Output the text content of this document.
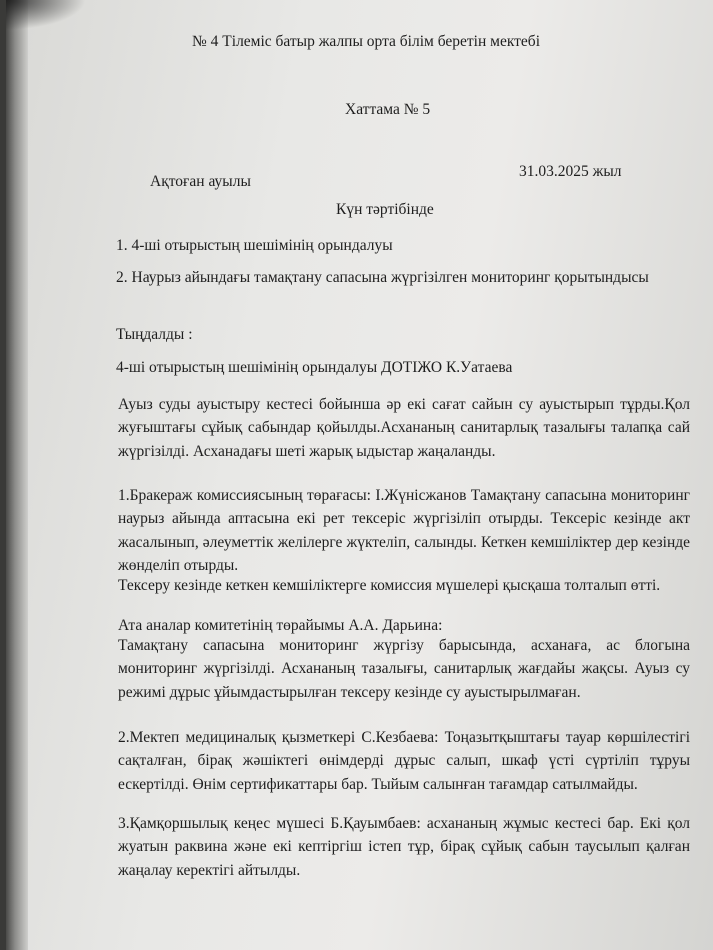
№ 4 Тілеміс батыр жалпы орта білім беретін мектебі
Хаттама № 5
Ақтоған ауылы
31.03.2025 жыл
Күн тәртібінде
1. 4-ші отырыстың шешімінің орындалуы
2. Наурыз айындағы тамақтану сапасына жүргізілген мониторинг қорытындысы
Тыңдалды :
4-ші отырыстың шешімінің орындалуы ДОТІЖО К.Уатаева
Ауыз суды ауыстыру кестесі бойынша әр екі сағат сайын су ауыстырып тұрды.Қол жуғыштағы сұйық сабындар қойылды.Асхананың санитарлық тазалығы талапқа сай жүргізілді. Асханадағы шеті жарық ыдыстар жаңаланды.
1.Бракераж комиссиясының төрағасы: І.Жүнісжанов Тамақтану сапасына мониторинг наурыз айында аптасына екі рет тексеріс жүргізіліп отырды. Тексеріс кезінде акт жасалынып, әлеуметтік желілерге жүктеліп, салынды. Кеткен кемшіліктер дер кезінде жөнделіп отырды.
Тексеру кезінде кеткен кемшіліктерге комиссия мүшелері қысқаша толталып өтті.
Ата аналар комитетінің төрайымы А.А. Дарьина:
Тамақтану сапасына мониторинг жүргізу барысында, асханаға, ас блогына мониторинг жүргізілді. Асхананың тазалығы, санитарлық жағдайы жақсы. Ауыз су режимі дұрыс ұйымдастырылған тексеру кезінде су ауыстырылмаған.
2.Мектеп медициналық қызметкері С.Кезбаева: Тоңазытқыштағы тауар көршілестігі сақталған, бірақ жәшіктегі өнімдерді дұрыс салып, шкаф үсті сүртіліп тұруы ескертілді. Өнім сертификаттары бар. Тыйым салынған тағамдар сатылмайды.
3.Қамқоршылық кеңес мүшесі Б.Қауымбаев: асхананың жұмыс кестесі бар. Екі қол жуатын раквина және екі кептіргіш істеп тұр, бірақ сұйық сабын таусылып қалған жаңалау керектігі айтылды.
